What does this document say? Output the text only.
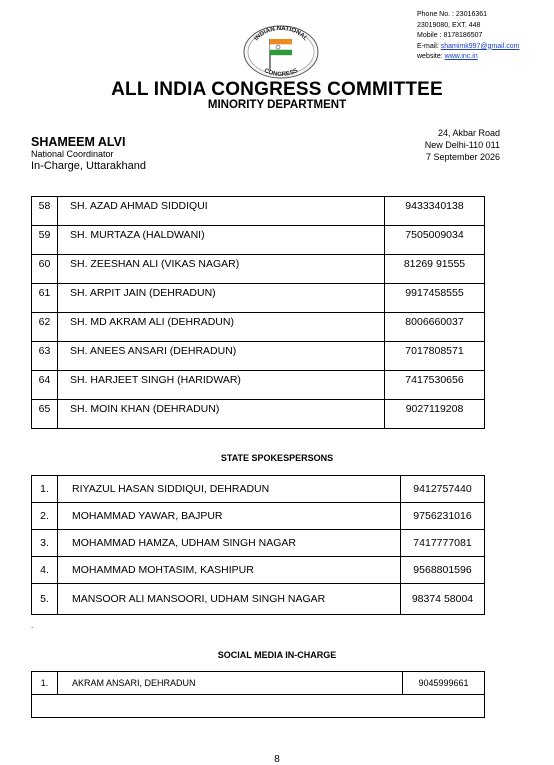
Phone No. : 23016361
23019080, EXT. 448
Mobile : 8178186507
E-mail: shamimk997@gmail.com
website: www.inc.in
INDIAN NATIONAL
CONGRESS
ALL INDIA CONGRESS COMMITTEE
MINORITY DEPARTMENT
SHAMEEM ALVI
National Coordinator
In-Charge, Uttarakhand
24, Akbar Road
New Delhi-110 011
7 September 2026
58	SH. AZAD AHMAD SIDDIQUI	9433340138
59	SH. MURTAZA (HALDWANI)	7505009034
60	SH. ZEESHAN ALI (VIKAS NAGAR)	81269 91555
61	SH. ARPIT JAIN (DEHRADUN)	9917458555
62	SH. MD AKRAM ALI (DEHRADUN)	8006660037
63	SH. ANEES ANSARI (DEHRADUN)	7017808571
64	SH. HARJEET SINGH (HARIDWAR)	7417530656
65	SH. MOIN KHAN (DEHRADUN)	9027119208
STATE SPOKESPERSONS
1.	RIYAZUL HASAN SIDDIQUI, DEHRADUN	9412757440
2.	MOHAMMAD YAWAR, BAJPUR	9756231016
3.	MOHAMMAD HAMZA, UDHAM SINGH NAGAR	7417777081
4.	MOHAMMAD MOHTASIM, KASHIPUR	9568801596
5.	MANSOOR ALI MANSOORI, UDHAM SINGH NAGAR	98374 58004
.
SOCIAL MEDIA IN-CHARGE
1.	AKRAM ANSARI, DEHRADUN	9045999661

8
